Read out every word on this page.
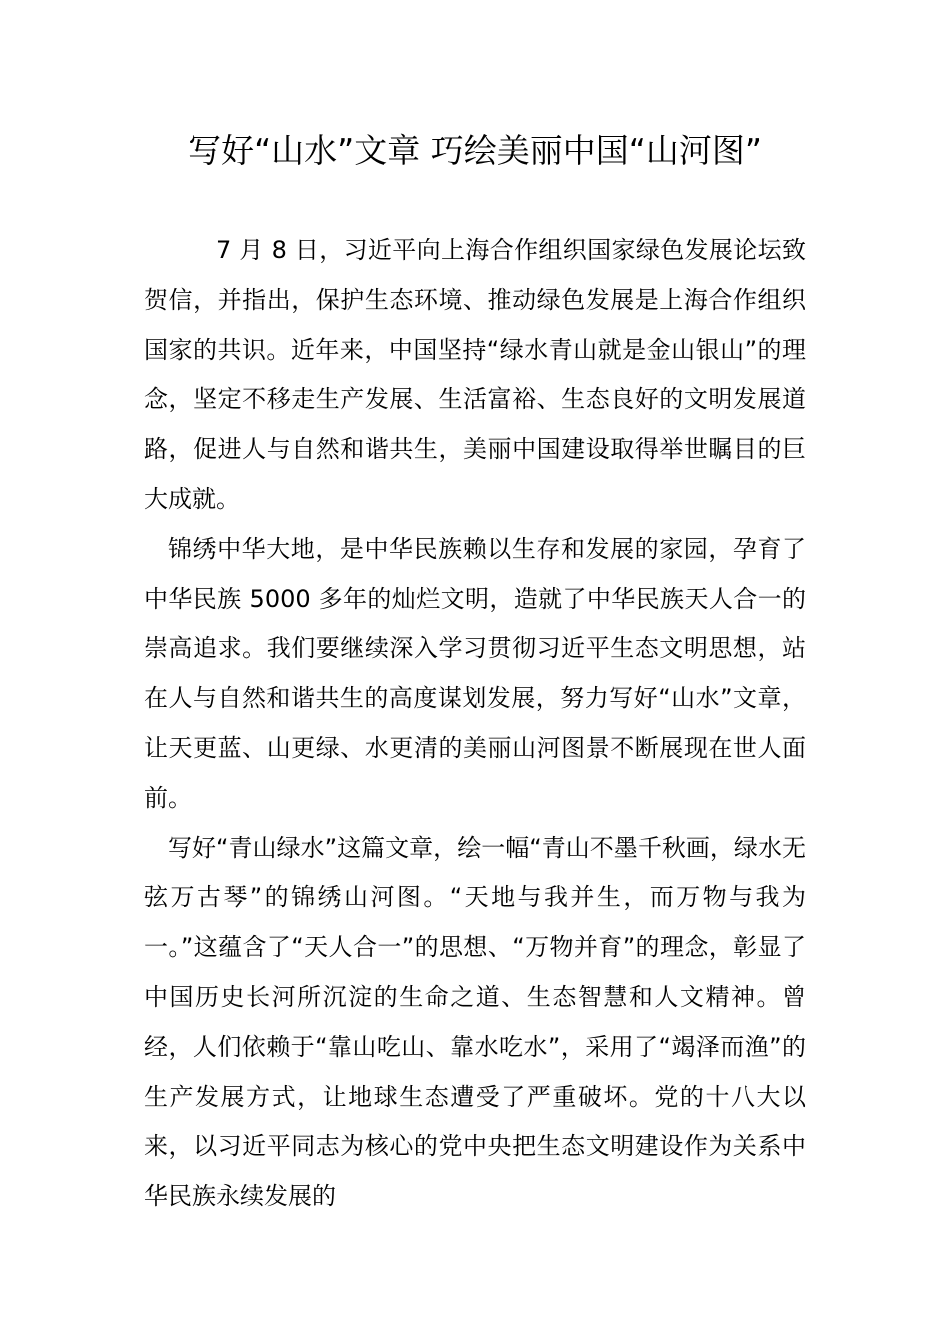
写好“山水”文章 巧绘美丽中国“山河图”

7 月 8 日，习近平向上海合作组织国家绿色发展论坛致贺信，并指出，保护生态环境、推动绿色发展是上海合作组织国家的共识。近年来，中国坚持“绿水青山就是金山银山”的理念，坚定不移走生产发展、生活富裕、生态良好的文明发展道路，促进人与自然和谐共生，美丽中国建设取得举世瞩目的巨大成就。

锦绣中华大地，是中华民族赖以生存和发展的家园，孕育了中华民族 5000 多年的灿烂文明，造就了中华民族天人合一的崇高追求。我们要继续深入学习贯彻习近平生态文明思想，站在人与自然和谐共生的高度谋划发展，努力写好“山水”文章，让天更蓝、山更绿、水更清的美丽山河图景不断展现在世人面前。

写好“青山绿水”这篇文章，绘一幅“青山不墨千秋画，绿水无弦万古琴”的锦绣山河图。“天地与我并生，而万物与我为一。”这蕴含了“天人合一”的思想、“万物并育”的理念，彰显了中国历史长河所沉淀的生命之道、生态智慧和人文精神。曾经，人们依赖于“靠山吃山、靠水吃水”，采用了“竭泽而渔”的生产发展方式，让地球生态遭受了严重破坏。党的十八大以来，以习近平同志为核心的党中央把生态文明建设作为关系中华民族永续发展的
